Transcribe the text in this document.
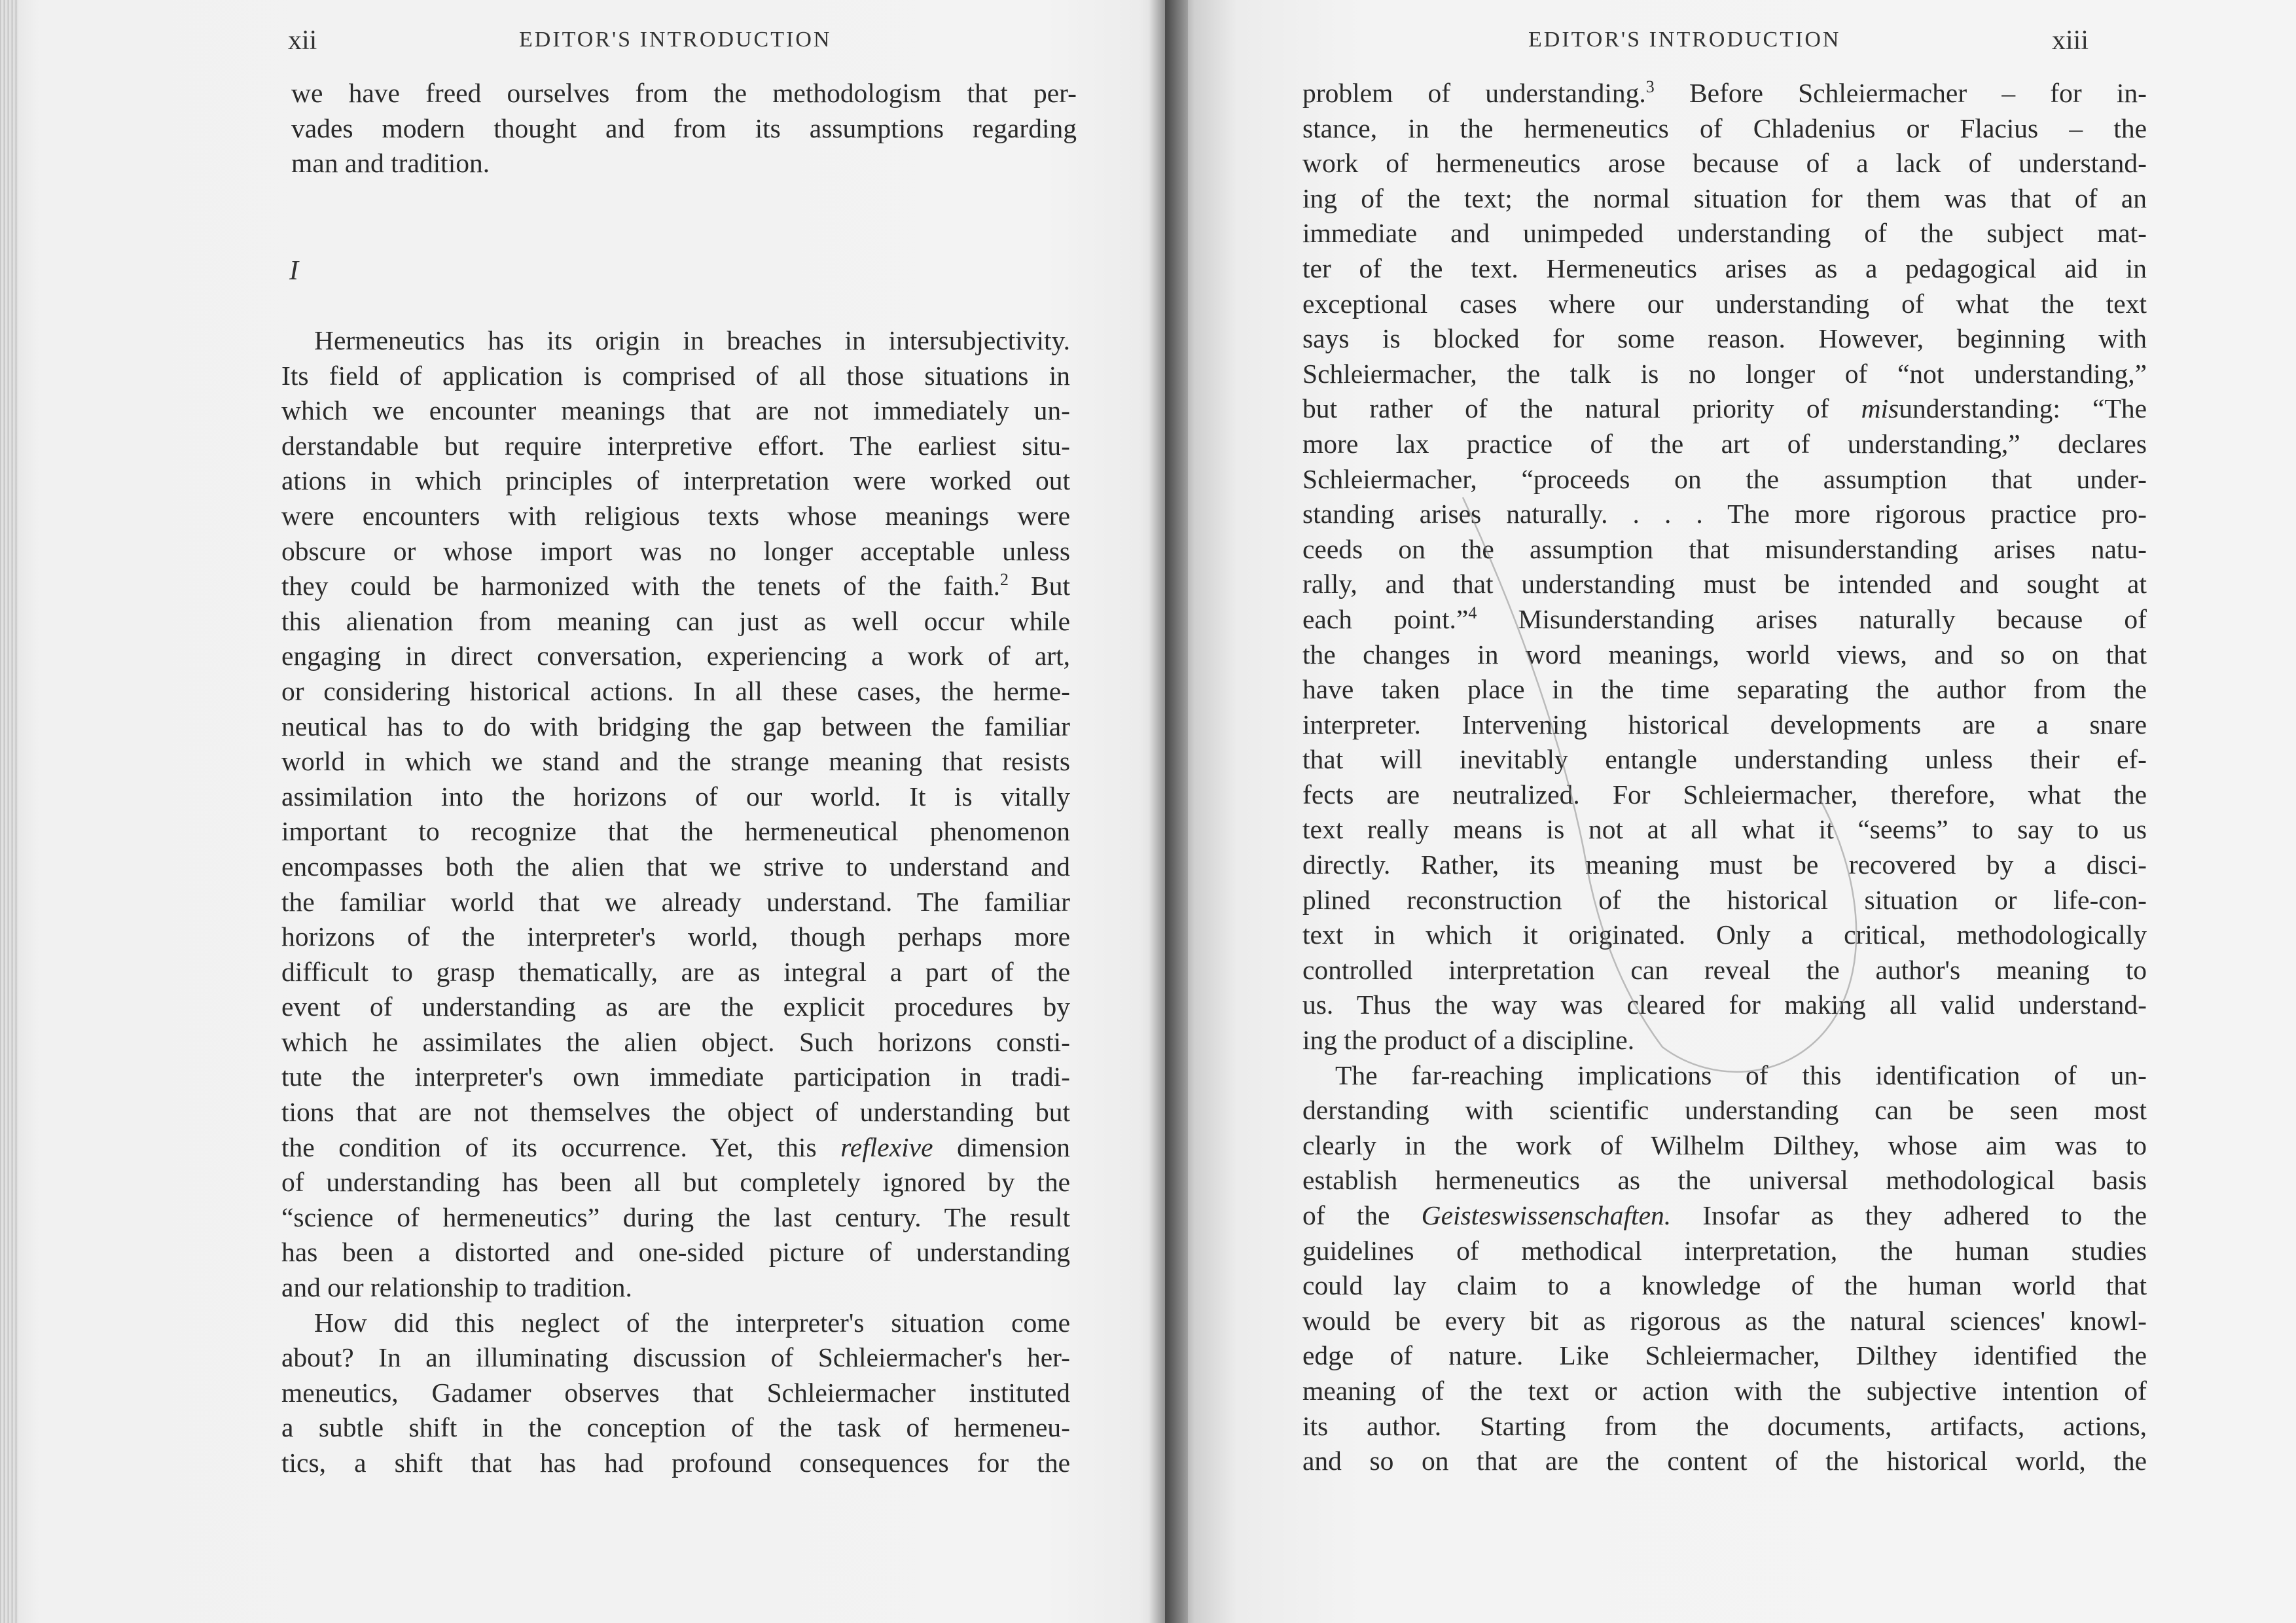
xii	EDITOR'S INTRODUCTION

we have freed ourselves from the methodologism that per-

vades modern thought and from its assumptions regarding

man and tradition.

I

Hermeneutics has its origin in breaches in intersubjectivity.

Its field of application is comprised of all those situations in

which we encounter meanings that are not immediately un-

derstandable but require interpretive effort. The earliest situ-

ations in which principles of interpretation were worked out

were encounters with religious texts whose meanings were

obscure or whose import was no longer acceptable unless

they could be harmonized with the tenets of the faith.$^2$ But

this alienation from meaning can just as well occur while

engaging in direct conversation, experiencing a work of art,

or considering historical actions. In all these cases, the herme-

neutical has to do with bridging the gap between the familiar

world in which we stand and the strange meaning that resists

assimilation into the horizons of our world. It is vitally

important to recognize that the hermeneutical phenomenon

encompasses both the alien that we strive to understand and

the familiar world that we already understand. The familiar

horizons of the interpreter's world, though perhaps more

difficult to grasp thematically, are as integral a part of the

event of understanding as are the explicit procedures by

which he assimilates the alien object. Such horizons consti-

tute the interpreter's own immediate participation in tradi-

tions that are not themselves the object of understanding but

the condition of its occurrence. Yet, this reflexive dimension

of understanding has been all but completely ignored by the

“science of hermeneutics” during the last century. The result

has been a distorted and one-sided picture of understanding

and our relationship to tradition.

How did this neglect of the interpreter's situation come

about? In an illuminating discussion of Schleiermacher's her-

meneutics, Gadamer observes that Schleiermacher instituted

a subtle shift in the conception of the task of hermeneu-

tics, a shift that has had profound consequences for the

EDITOR'S INTRODUCTION	xiii

problem of understanding.$^3$ Before Schleiermacher – for in-

stance, in the hermeneutics of Chladenius or Flacius – the

work of hermeneutics arose because of a lack of understand-

ing of the text; the normal situation for them was that of an

immediate and unimpeded understanding of the subject mat-

ter of the text. Hermeneutics arises as a pedagogical aid in

exceptional cases where our understanding of what the text

says is blocked for some reason. However, beginning with

Schleiermacher, the talk is no longer of “not understanding,”

but rather of the natural priority of misunderstanding: “The

more lax practice of the art of understanding,” declares

Schleiermacher, “proceeds on the assumption that under-

standing arises naturally. . . . The more rigorous practice pro-

ceeds on the assumption that misunderstanding arises natu-

rally, and that understanding must be intended and sought at

each point.”$^4$ Misunderstanding arises naturally because of

the changes in word meanings, world views, and so on that

have taken place in the time separating the author from the

interpreter. Intervening historical developments are a snare

that will inevitably entangle understanding unless their ef-

fects are neutralized. For Schleiermacher, therefore, what the

text really means is not at all what it “seems” to say to us

directly. Rather, its meaning must be recovered by a disci-

plined reconstruction of the historical situation or life-con-

text in which it originated. Only a critical, methodologically

controlled interpretation can reveal the author's meaning to

us. Thus the way was cleared for making all valid understand-

ing the product of a discipline.

The far-reaching implications of this identification of un-

derstanding with scientific understanding can be seen most

clearly in the work of Wilhelm Dilthey, whose aim was to

establish hermeneutics as the universal methodological basis

of the Geisteswissenschaften. Insofar as they adhered to the

guidelines of methodical interpretation, the human studies

could lay claim to a knowledge of the human world that

would be every bit as rigorous as the natural sciences' knowl-

edge of nature. Like Schleiermacher, Dilthey identified the

meaning of the text or action with the subjective intention of

its author. Starting from the documents, artifacts, actions,

and so on that are the content of the historical world, the
